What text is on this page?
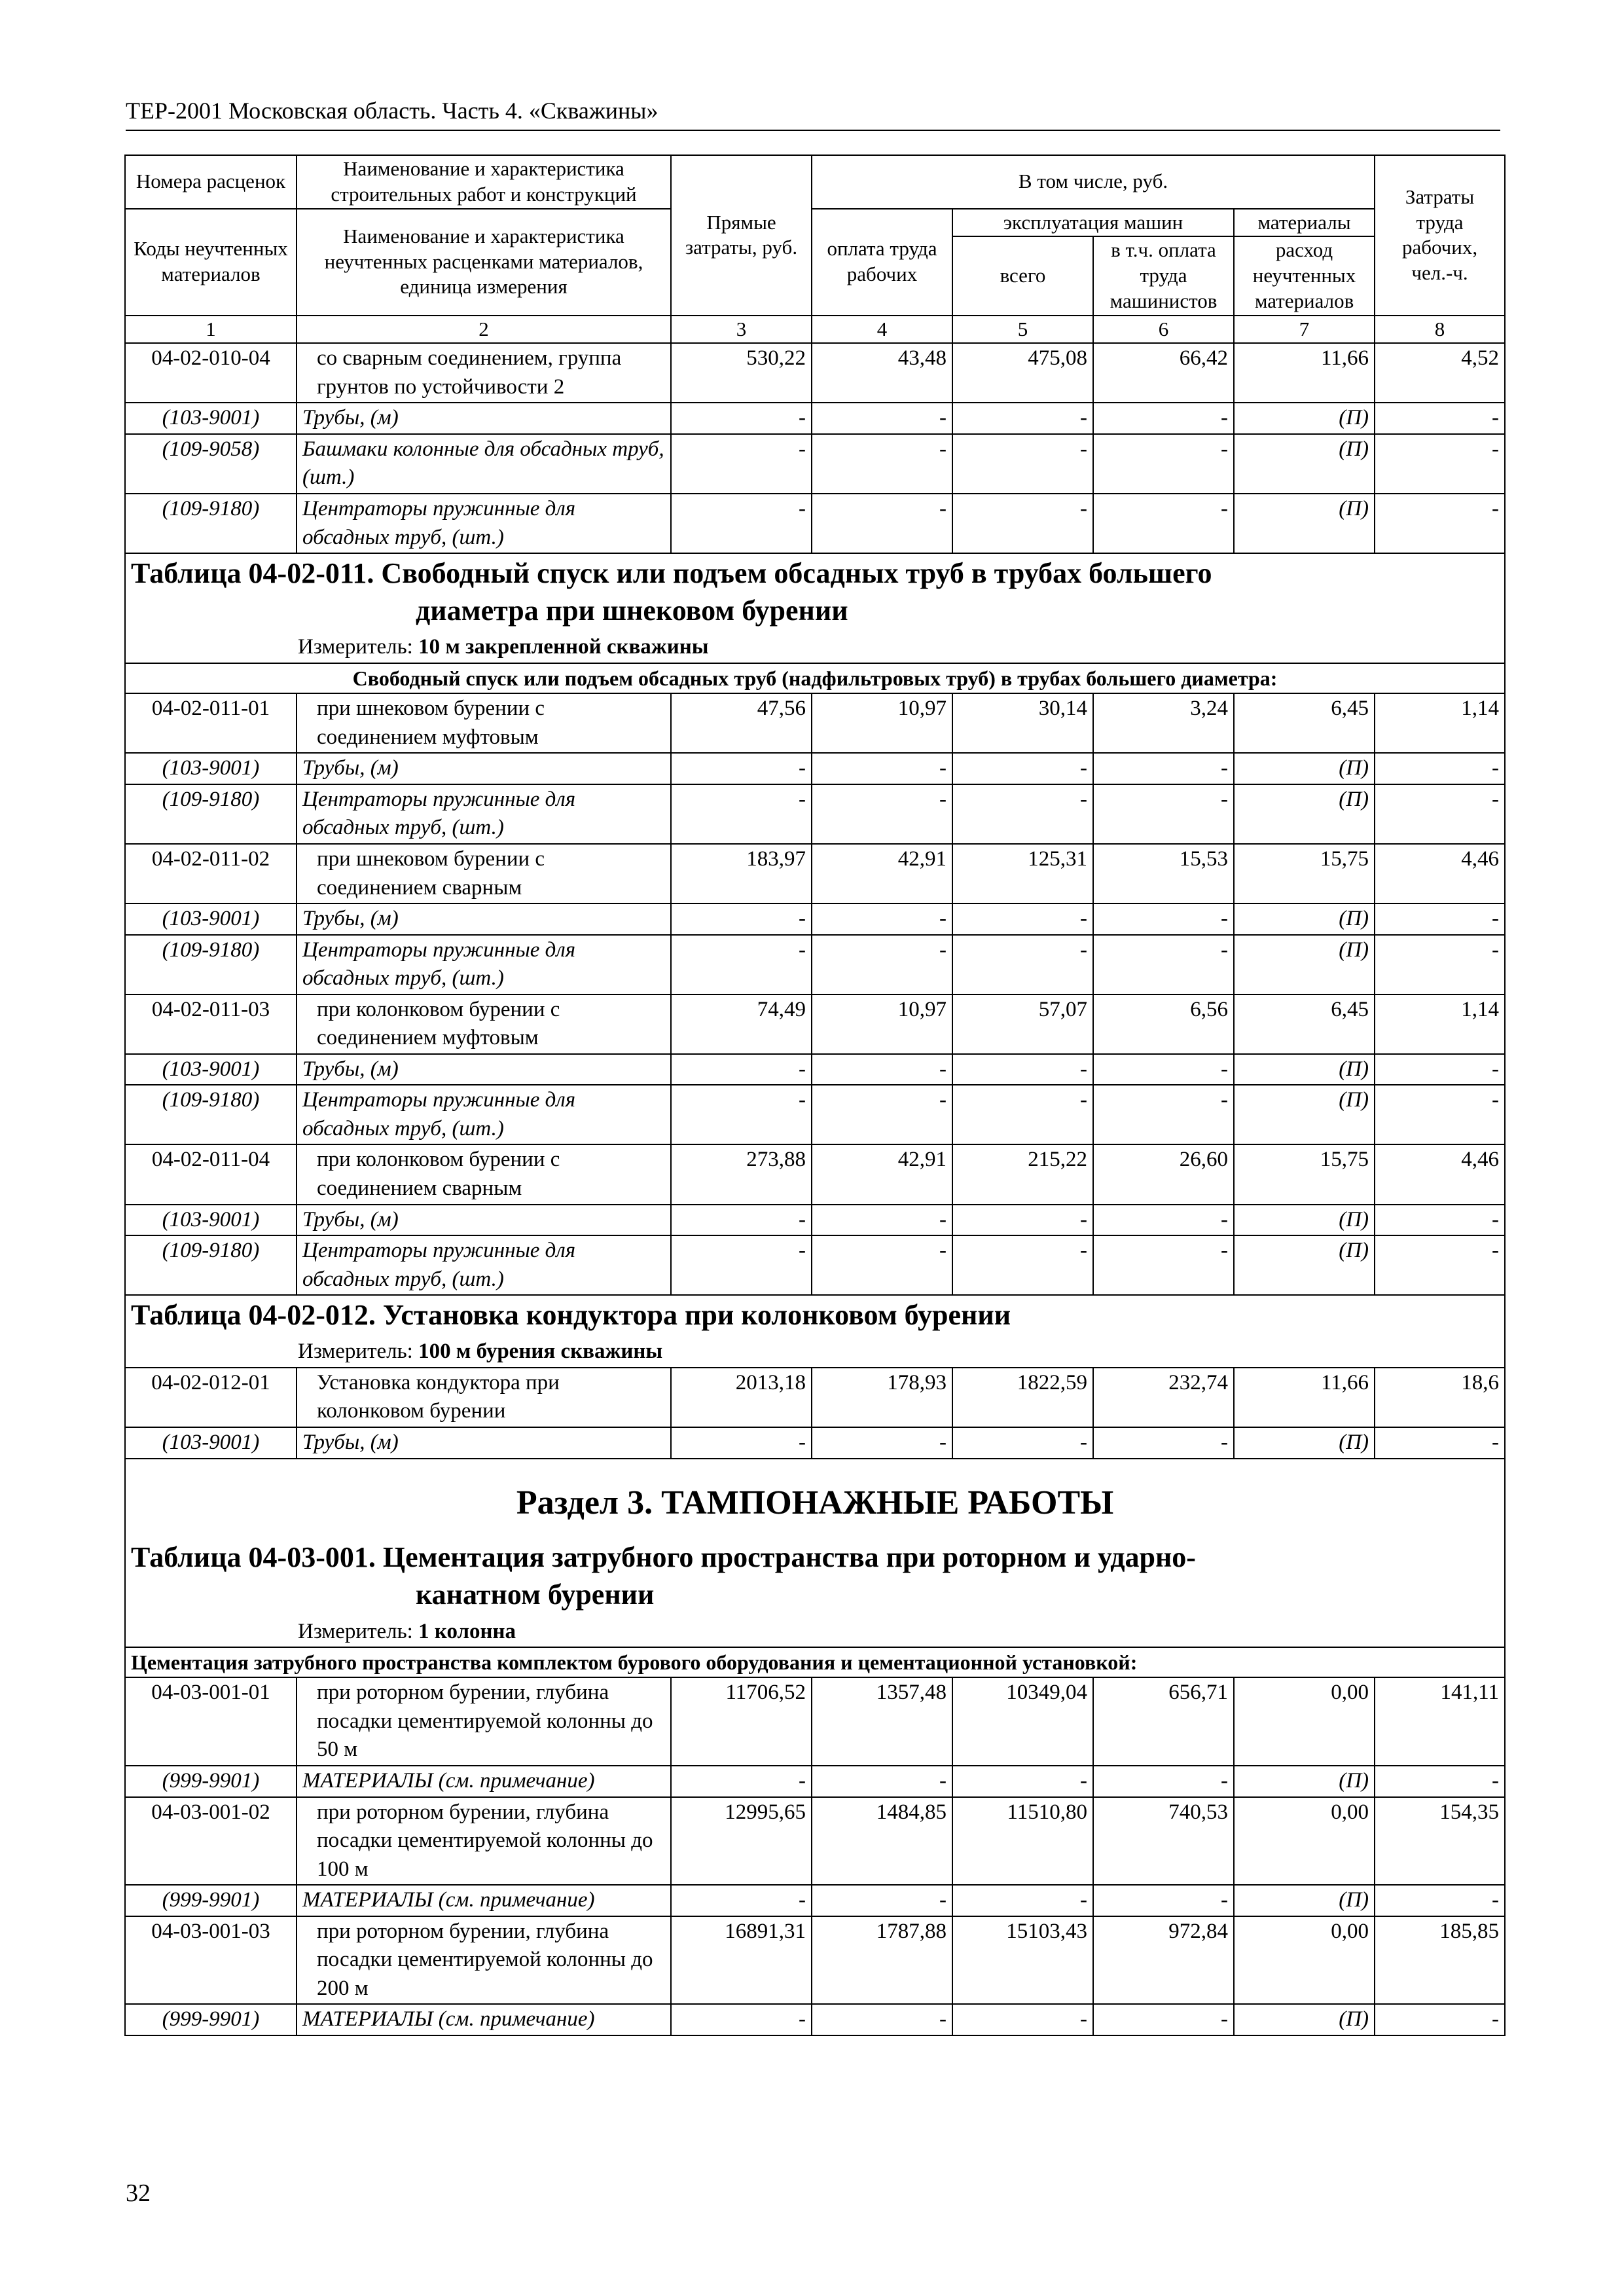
ТЕР-2001 Московская область. Часть 4. «Скважины»
Номера расценок	Наименование и характеристика строительных работ и конструкций	Прямые затраты, руб.	В том числе, руб.				Затраты труда рабочих, чел.-ч.
Коды неучтенных материалов	Наименование и характеристика неучтенных расценками материалов, единица измерения		оплата труда рабочих	эксплуатация машин		материалы	
				всего	в т.ч. оплата труда машинистов	расход неучтенных материалов	
1	2	3	4	5	6	7	8
04-02-010-04	со сварным соединением, группа грунтов по устойчивости 2	530,22	43,48	475,08	66,42	11,66	4,52
(103-9001)	Трубы, (м)	-	-	-	-	(П)	-
(109-9058)	Башмаки колонные для обсадных труб, (шт.)	-	-	-	-	(П)	-
(109-9180)	Центраторы пружинные для обсадных труб, (шт.)	-	-	-	-	(П)	-

Таблица 04-02-011. Свободный спуск или подъем обсадных труб в трубах большего
диаметра при шнековом бурении
Измеритель: 10 м закрепленной скважины							

Свободный спуск или подъем обсадных труб (надфильтровых труб) в трубах большего диаметра:							
04-02-011-01	при шнековом бурении с соединением муфтовым	47,56	10,97	30,14	3,24	6,45	1,14
(103-9001)	Трубы, (м)	-	-	-	-	(П)	-
(109-9180)	Центраторы пружинные для обсадных труб, (шт.)	-	-	-	-	(П)	-
04-02-011-02	при шнековом бурении с соединением сварным	183,97	42,91	125,31	15,53	15,75	4,46
(103-9001)	Трубы, (м)	-	-	-	-	(П)	-
(109-9180)	Центраторы пружинные для обсадных труб, (шт.)	-	-	-	-	(П)	-
04-02-011-03	при колонковом бурении с соединением муфтовым	74,49	10,97	57,07	6,56	6,45	1,14
(103-9001)	Трубы, (м)	-	-	-	-	(П)	-
(109-9180)	Центраторы пружинные для обсадных труб, (шт.)	-	-	-	-	(П)	-
04-02-011-04	при колонковом бурении с соединением сварным	273,88	42,91	215,22	26,60	15,75	4,46
(103-9001)	Трубы, (м)	-	-	-	-	(П)	-
(109-9180)	Центраторы пружинные для обсадных труб, (шт.)	-	-	-	-	(П)	-

Таблица 04-02-012. Установка кондуктора при колонковом бурении
Измеритель: 100 м бурения скважины							

04-02-012-01	Установка кондуктора при колонковом бурении	2013,18	178,93	1822,59	232,74	11,66	18,6
(103-9001)	Трубы, (м)	-	-	-	-	(П)	-

Раздел 3. ТАМПОНАЖНЫЕ РАБОТЫ
Таблица 04-03-001. Цементация затрубного пространства при роторном и ударно-
канатном бурении
Измеритель: 1 колонна							

Цементация затрубного пространства комплектом бурового оборудования и цементационной установкой:							
04-03-001-01	при роторном бурении, глубина посадки цементируемой колонны до 50 м	11706,52	1357,48	10349,04	656,71	0,00	141,11
(999-9901)	МАТЕРИАЛЫ (см. примечание)	-	-	-	-	(П)	-
04-03-001-02	при роторном бурении, глубина посадки цементируемой колонны до 100 м	12995,65	1484,85	11510,80	740,53	0,00	154,35
(999-9901)	МАТЕРИАЛЫ (см. примечание)	-	-	-	-	(П)	-
04-03-001-03	при роторном бурении, глубина посадки цементируемой колонны до 200 м	16891,31	1787,88	15103,43	972,84	0,00	185,85
(999-9901)	МАТЕРИАЛЫ (см. примечание)	-	-	-	-	(П)	-
32
